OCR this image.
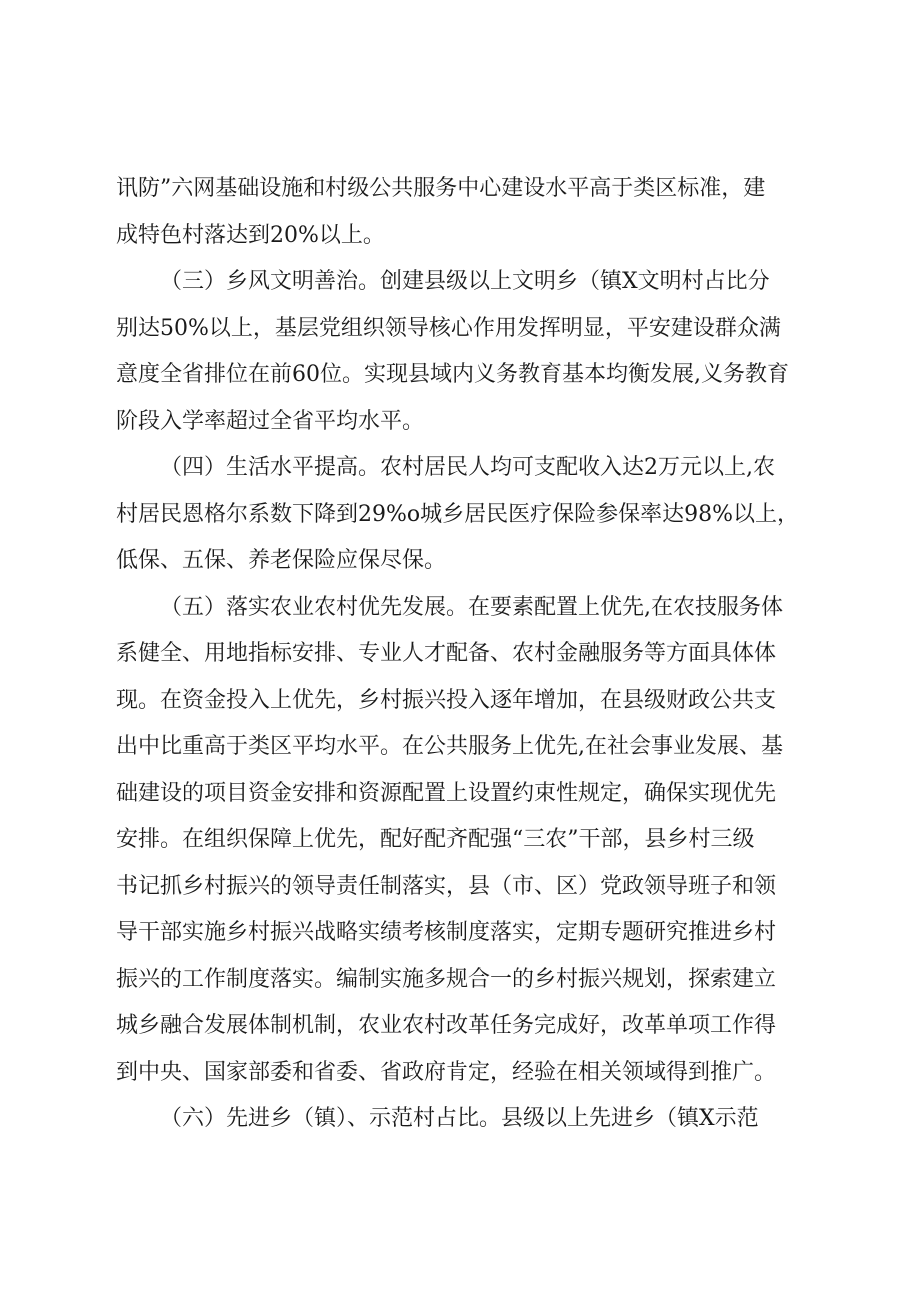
讯防”六网基础设施和村级公共服务中心建设水平高于类区标准，建
成特色村落达到20%以上。
（三）乡风文明善治。创建县级以上文明乡（镇X文明村占比分
别达50%以上，基层党组织领导核心作用发挥明显，平安建设群众满
意度全省排位在前60位。实现县域内义务教育基本均衡发展,义务教育
阶段入学率超过全省平均水平。
（四）生活水平提高。农村居民人均可支配收入达2万元以上,农
村居民恩格尔系数下降到29%o城乡居民医疗保险参保率达98%以上，
低保、五保、养老保险应保尽保。
（五）落实农业农村优先发展。在要素配置上优先,在农技服务体
系健全、用地指标安排、专业人才配备、农村金融服务等方面具体体
现。在资金投入上优先，乡村振兴投入逐年增加，在县级财政公共支
出中比重高于类区平均水平。在公共服务上优先,在社会事业发展、基
础建设的项目资金安排和资源配置上设置约束性规定，确保实现优先
安排。在组织保障上优先，配好配齐配强“三农”干部，县乡村三级
书记抓乡村振兴的领导责任制落实，县（市、区）党政领导班子和领
导干部实施乡村振兴战略实绩考核制度落实，定期专题研究推进乡村
振兴的工作制度落实。编制实施多规合一的乡村振兴规划，探索建立
城乡融合发展体制机制，农业农村改革任务完成好，改革单项工作得
到中央、国家部委和省委、省政府肯定，经验在相关领域得到推广。
（六）先进乡（镇）、示范村占比。县级以上先进乡（镇X示范
